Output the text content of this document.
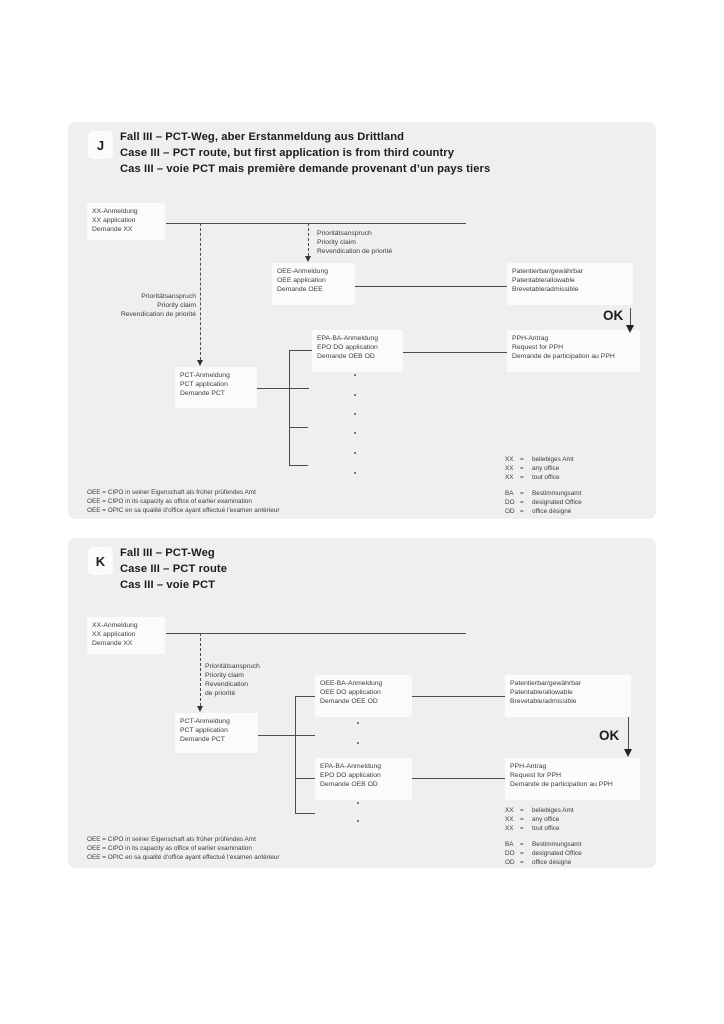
J
Fall III – PCT-Weg, aber Erstanmeldung aus Drittland
Case III – PCT route, but first application is from third country
Cas III – voie PCT mais première demande provenant d’un pays tiers
Prioritätsanspruch
Priority claim
Revendication de priorité
Prioritätsanspruch
Priority claim
Revendication de priorité
XX-Anmeldung
XX application
Demande XX
OEE-Anmeldung
OEE application
Demande OEE
Patentierbar/gewährbar
Patentable/allowable
Brevetable/admissible
EPA-BA-Anmeldung
EPO DO application
Demande OEB OD
PPH-Antrag
Request for PPH
Demande de participation au PPH
PCT-Anmeldung
PCT application
Demande PCT
OK
OEE = CIPO in seiner Eigenschaft als früher prüfendes Amt
OEE = CIPO in its capacity as office of earlier examination
OEE = OPIC en sa qualité d’office ayant effectué l’examen antérieur
XX	=	beliebiges Amt
XX	=	any office
XX	=	tout office
BA	=	Bestimmungsamt
DO =	designated Office
OD =	office désigné
K
Fall III – PCT-Weg
Case III – PCT route
Cas III – voie PCT
Prioritätsanspruch
Priority claim
Revendication
de priorité
XX-Anmeldung
XX application
Demande XX
PCT-Anmeldung
PCT application
Demande PCT
OEE-BA-Anmeldung
OEE DO application
Demande OEE OD
Patentierbar/gewährbar
Patentable/allowable
Brevetable/admissible
EPA-BA-Anmeldung
EPO DO application
Demande OEB OD
PPH-Antrag
Request for PPH
Demande de participation au PPH
OK
OEE = CIPO in seiner Eigenschaft als früher prüfendes Amt
OEE = CIPO in its capacity as office of earlier examination
OEE = OPIC en sa qualité d’office ayant effectué l’examen antérieur
XX	=	beliebiges Amt
XX	=	any office
XX	=	tout office
BA	=	Bestimmungsamt
DO =	designated Office
OD =	office désigné
